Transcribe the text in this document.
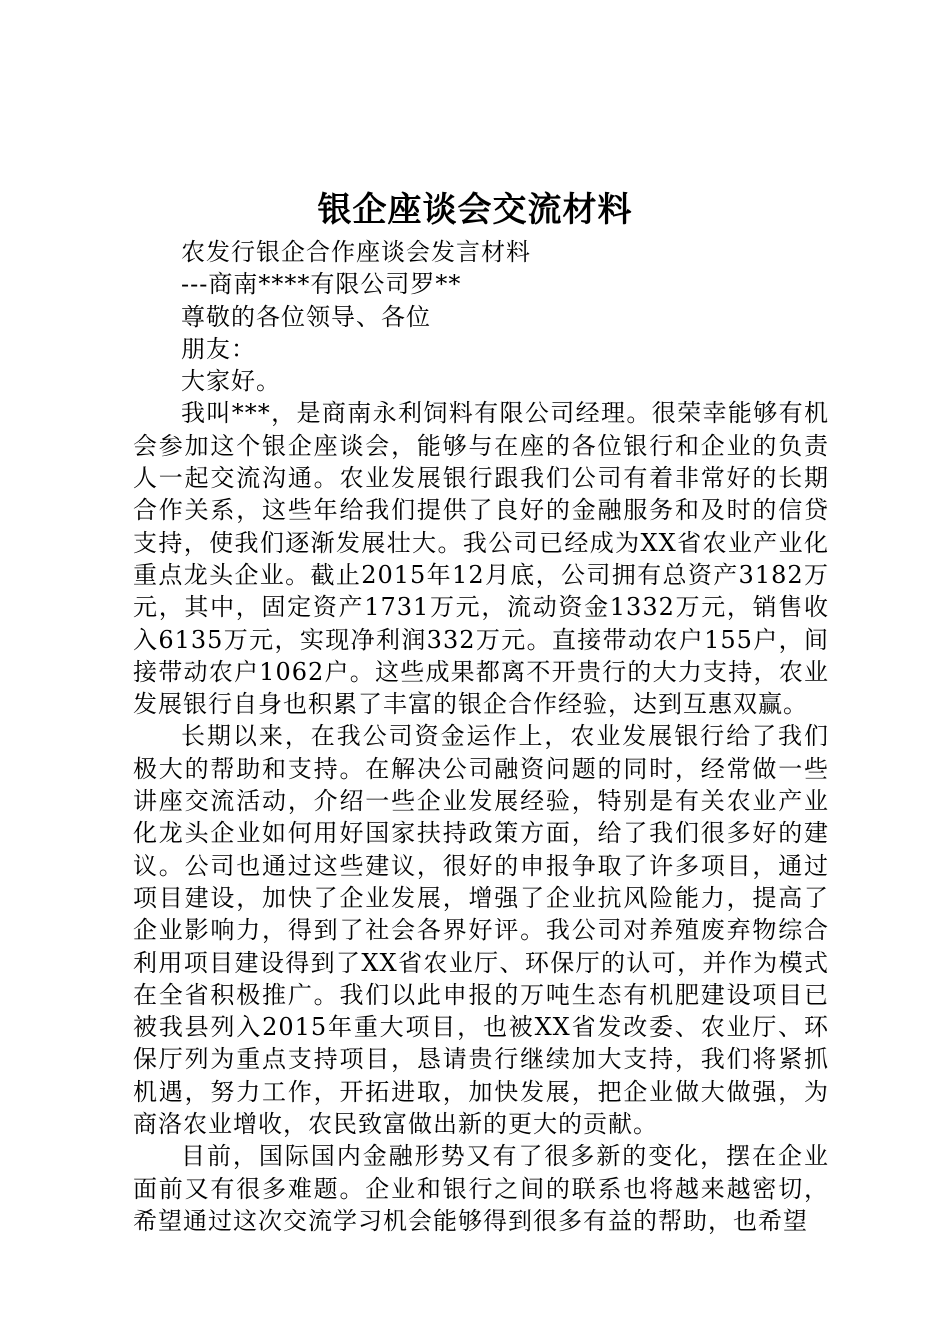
银企座谈会交流材料

农发行银企合作座谈会发言材料

---商南****有限公司罗**

尊敬的各位领导、各位

朋友：

大家好。

我叫***，是商南永利饲料有限公司经理。很荣幸能够有机会参加这个银企座谈会，能够与在座的各位银行和企业的负责人一起交流沟通。农业发展银行跟我们公司有着非常好的长期合作关系，这些年给我们提供了良好的金融服务和及时的信贷支持，使我们逐渐发展壮大。我公司已经成为XX省农业产业化重点龙头企业。截止2015年12月底，公司拥有总资产3182万元，其中，固定资产1731万元，流动资金1332万元，销售收入6135万元，实现净利润332万元。直接带动农户155户，间接带动农户1062户。这些成果都离不开贵行的大力支持，农业发展银行自身也积累了丰富的银企合作经验，达到互惠双赢。

长期以来，在我公司资金运作上，农业发展银行给了我们极大的帮助和支持。在解决公司融资问题的同时，经常做一些讲座交流活动，介绍一些企业发展经验，特别是有关农业产业化龙头企业如何用好国家扶持政策方面，给了我们很多好的建议。公司也通过这些建议，很好的申报争取了许多项目，通过项目建设，加快了企业发展，增强了企业抗风险能力，提高了企业影响力，得到了社会各界好评。我公司对养殖废弃物综合利用项目建设得到了XX省农业厅、环保厅的认可，并作为模式在全省积极推广。我们以此申报的万吨生态有机肥建设项目已被我县列入2015年重大项目，也被XX省发改委、农业厅、环保厅列为重点支持项目，恳请贵行继续加大支持，我们将紧抓机遇，努力工作，开拓进取，加快发展，把企业做大做强，为商洛农业增收，农民致富做出新的更大的贡献。

目前，国际国内金融形势又有了很多新的变化，摆在企业面前又有很多难题。企业和银行之间的联系也将越来越密切，希望通过这次交流学习机会能够得到很多有益的帮助，也希望
